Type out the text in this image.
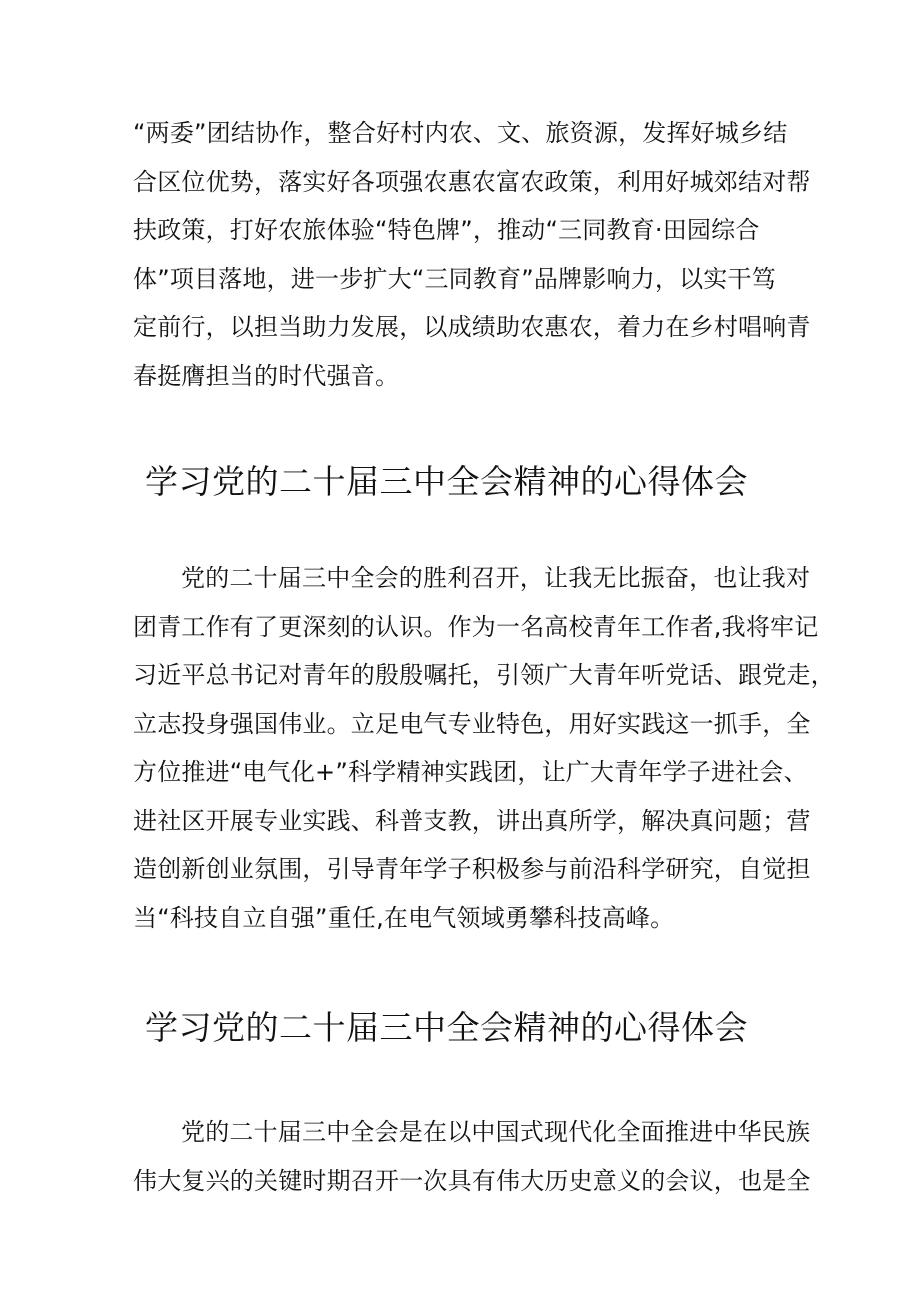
“两委”团结协作，整合好村内农、文、旅资源，发挥好城乡结
合区位优势，落实好各项强农惠农富农政策，利用好城郊结对帮
扶政策，打好农旅体验“特色牌”，推动“三同教育·田园综合
体”项目落地，进一步扩大“三同教育”品牌影响力，以实干笃
定前行，以担当助力发展，以成绩助农惠农，着力在乡村唱响青
春挺膺担当的时代强音。

学习党的二十届三中全会精神的心得体会

党的二十届三中全会的胜利召开，让我无比振奋，也让我对
团青工作有了更深刻的认识。作为一名高校青年工作者,我将牢记
习近平总书记对青年的殷殷嘱托，引领广大青年听党话、跟党走，
立志投身强国伟业。立足电气专业特色，用好实践这一抓手，全
方位推进“电气化+”科学精神实践团，让广大青年学子进社会、
进社区开展专业实践、科普支教，讲出真所学，解决真问题；营
造创新创业氛围，引导青年学子积极参与前沿科学研究，自觉担
当“科技自立自强”重任,在电气领域勇攀科技高峰。

学习党的二十届三中全会精神的心得体会

党的二十届三中全会是在以中国式现代化全面推进中华民族
伟大复兴的关键时期召开一次具有伟大历史意义的会议，也是全
